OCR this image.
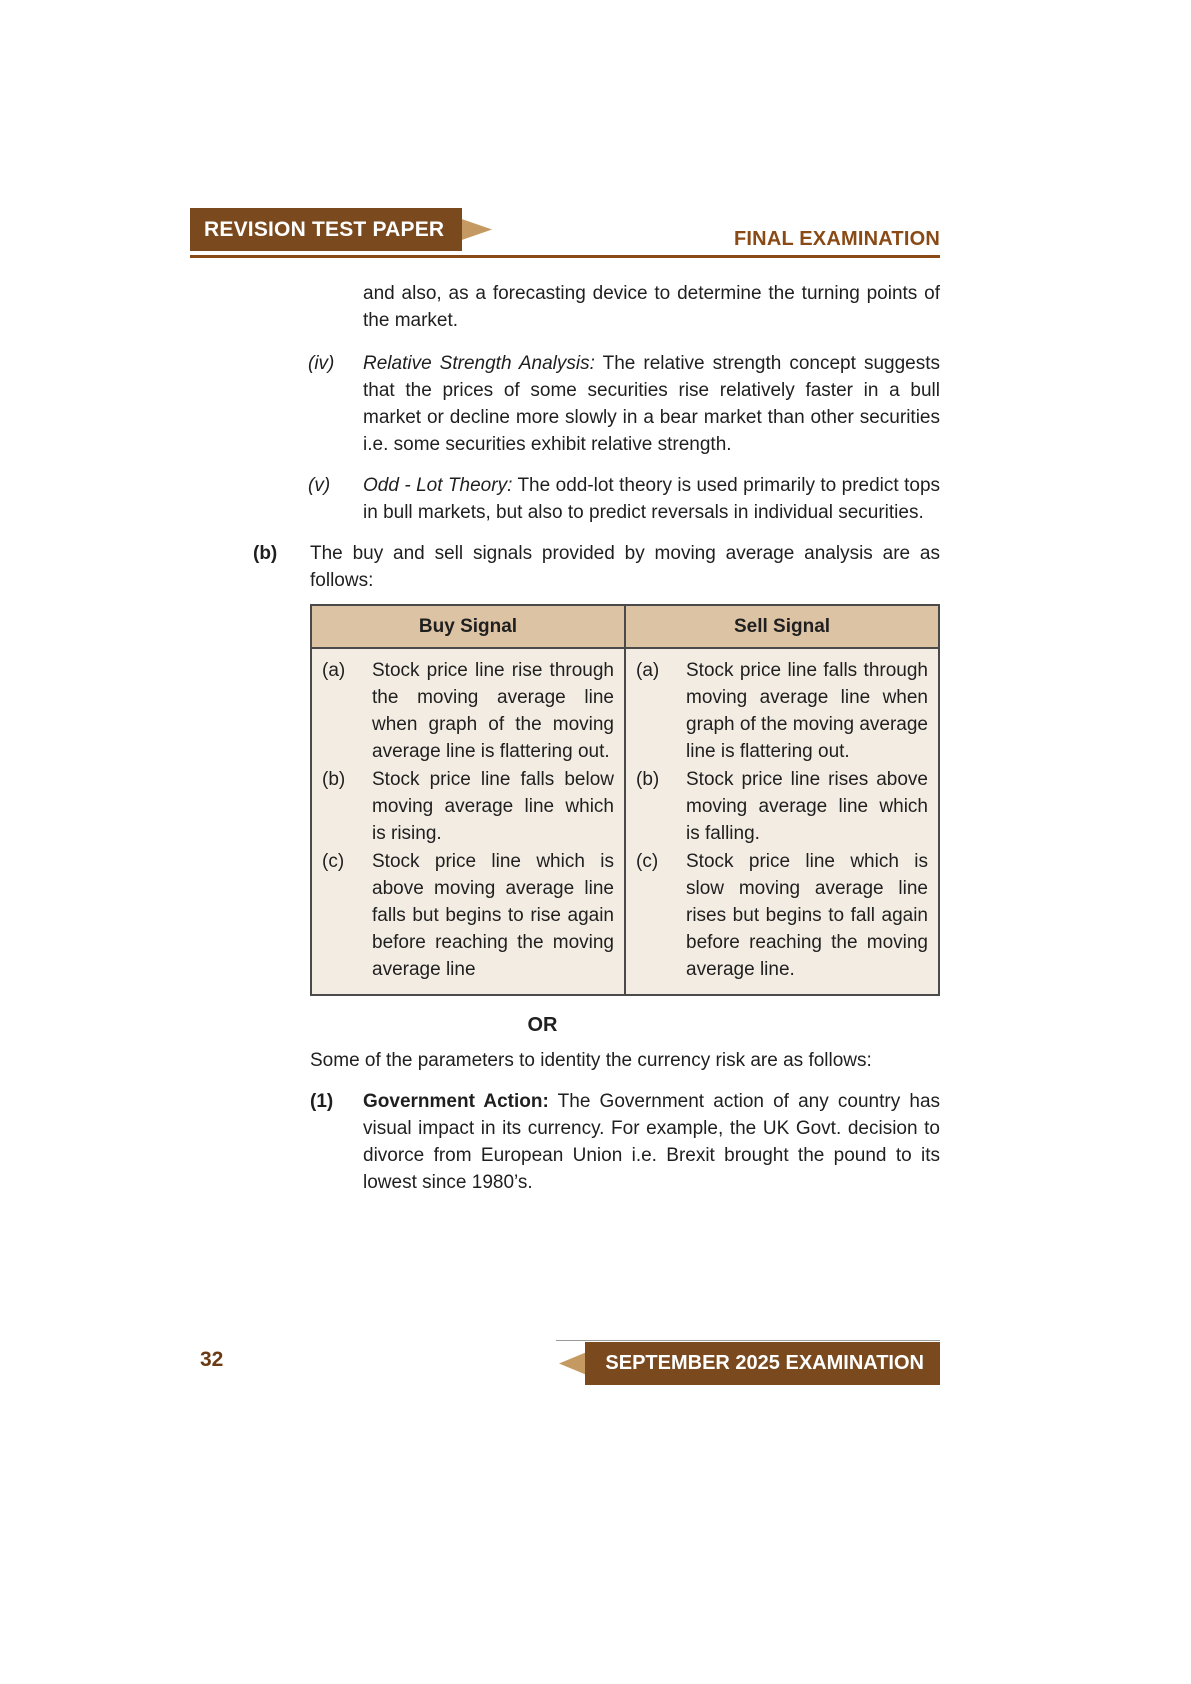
REVISION TEST PAPER	FINAL EXAMINATION

and also, as a forecasting device to determine the turning points of the market.

(iv)	Relative Strength Analysis: The relative strength concept suggests that the prices of some securities rise relatively faster in a bull market or decline more slowly in a bear market than other securities i.e. some securities exhibit relative strength.
(v)	Odd - Lot Theory: The odd-lot theory is used primarily to predict tops in bull markets, but also to predict reversals in individual securities.
(b)	The buy and sell signals provided by moving average analysis are as follows:
Buy Signal	Sell Signal

(a)	Stock price line rise through the moving average line when graph of the moving average line is flattering out.
(b)	Stock price line falls below moving average line which is rising.
(c)	Stock price line which is above moving average line falls but begins to rise again before reaching the moving average line

(a)	Stock price line falls through moving average line when graph of the moving average line is flattering out.
(b)	Stock price line rises above moving average line which is falling.
(c)	Stock price line which is slow moving average line rises but begins to fall again before reaching the moving average line.
OR

Some of the parameters to identity the currency risk are as follows:

(1)	Government Action: The Government action of any country has visual impact in its currency. For example, the UK Govt. decision to divorce from European Union i.e. Brexit brought the pound to its lowest since 1980’s.
SEPTEMBER 2025 EXAMINATION
32
